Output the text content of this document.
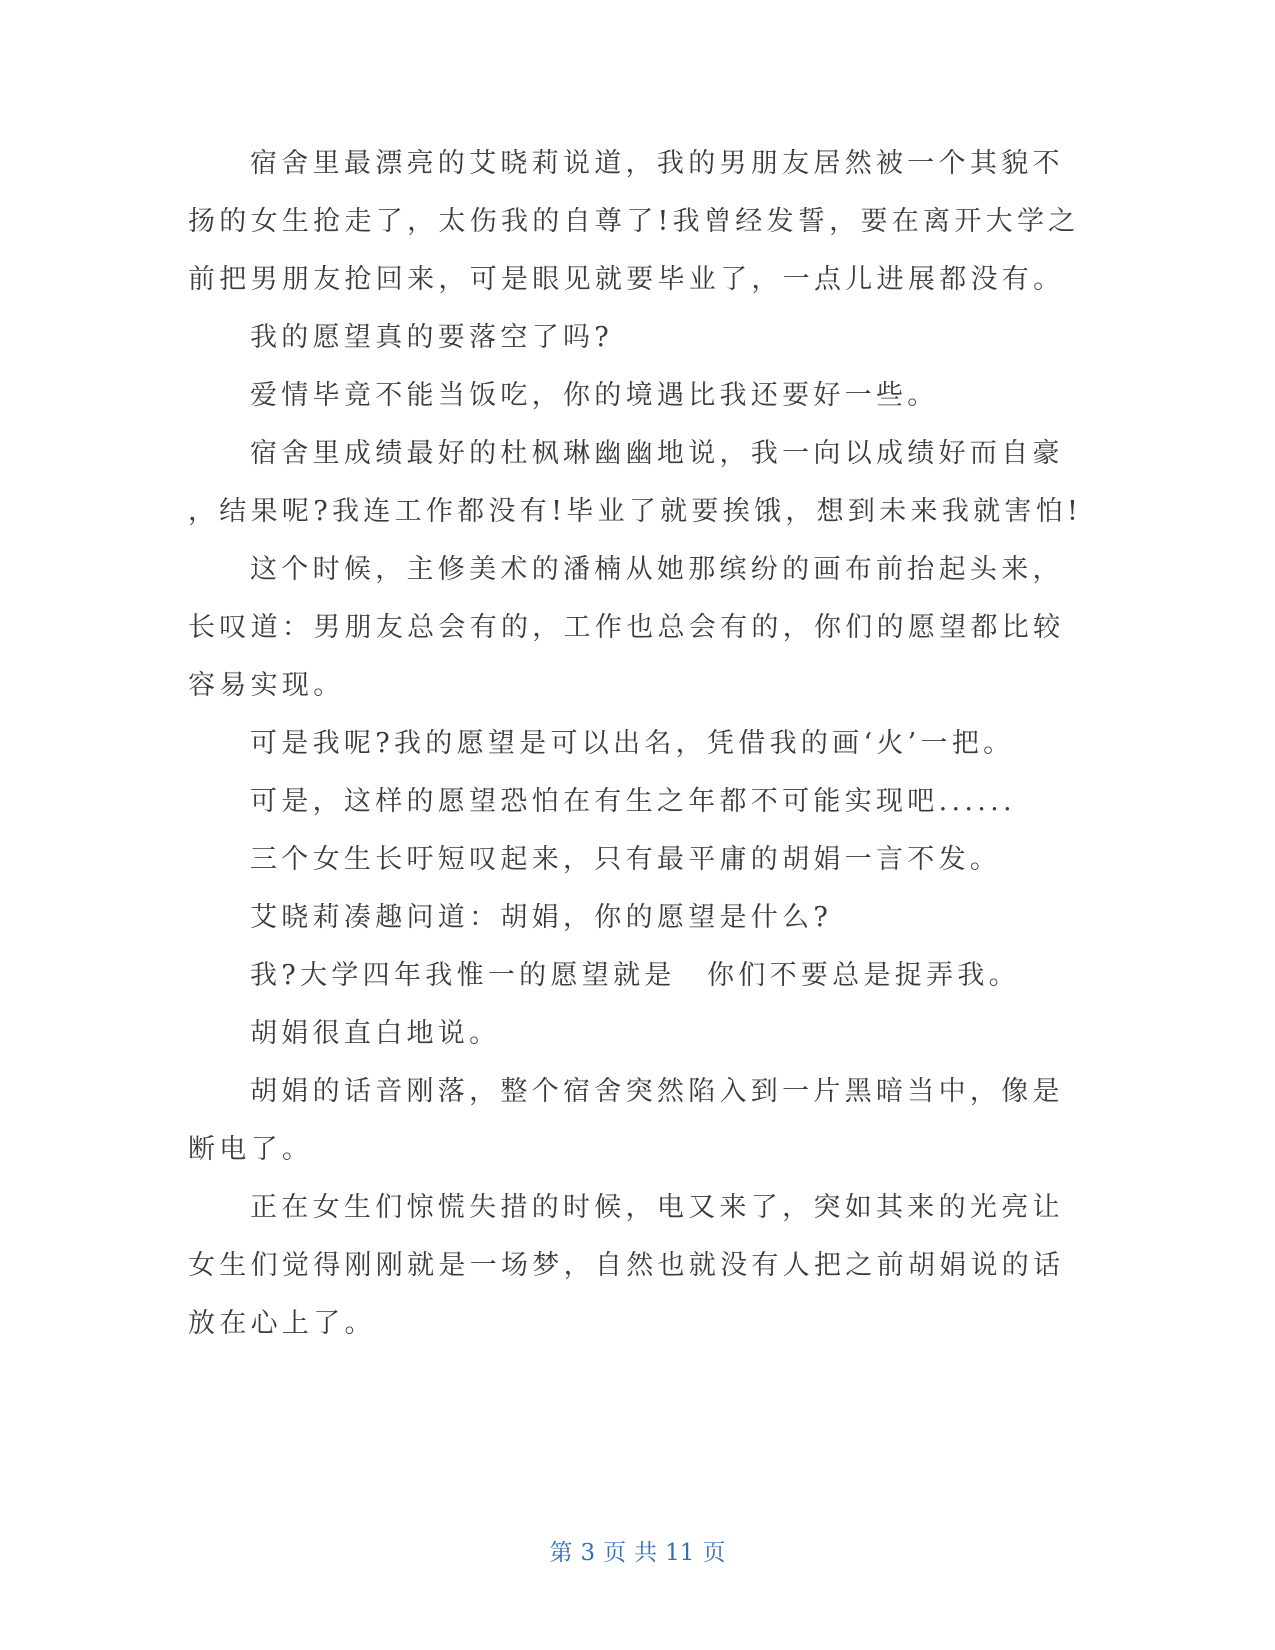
宿舍里最漂亮的艾晓莉说道，我的男朋友居然被一个其貌不
扬的女生抢走了，太伤我的自尊了!我曾经发誓，要在离开大学之
前把男朋友抢回来，可是眼见就要毕业了，一点儿进展都没有。
我的愿望真的要落空了吗?
爱情毕竟不能当饭吃，你的境遇比我还要好一些。
宿舍里成绩最好的杜枫琳幽幽地说，我一向以成绩好而自豪
，结果呢?我连工作都没有!毕业了就要挨饿，想到未来我就害怕!
这个时候，主修美术的潘楠从她那缤纷的画布前抬起头来，
长叹道：男朋友总会有的，工作也总会有的，你们的愿望都比较
容易实现。
可是我呢?我的愿望是可以出名，凭借我的画‘火’一把。
可是，这样的愿望恐怕在有生之年都不可能实现吧......
三个女生长吁短叹起来，只有最平庸的胡娟一言不发。
艾晓莉凑趣问道：胡娟，你的愿望是什么?
我?大学四年我惟一的愿望就是　你们不要总是捉弄我。
胡娟很直白地说。
胡娟的话音刚落，整个宿舍突然陷入到一片黑暗当中，像是
断电了。
正在女生们惊慌失措的时候，电又来了，突如其来的光亮让
女生们觉得刚刚就是一场梦，自然也就没有人把之前胡娟说的话
放在心上了。
第 3 页 共 11 页
